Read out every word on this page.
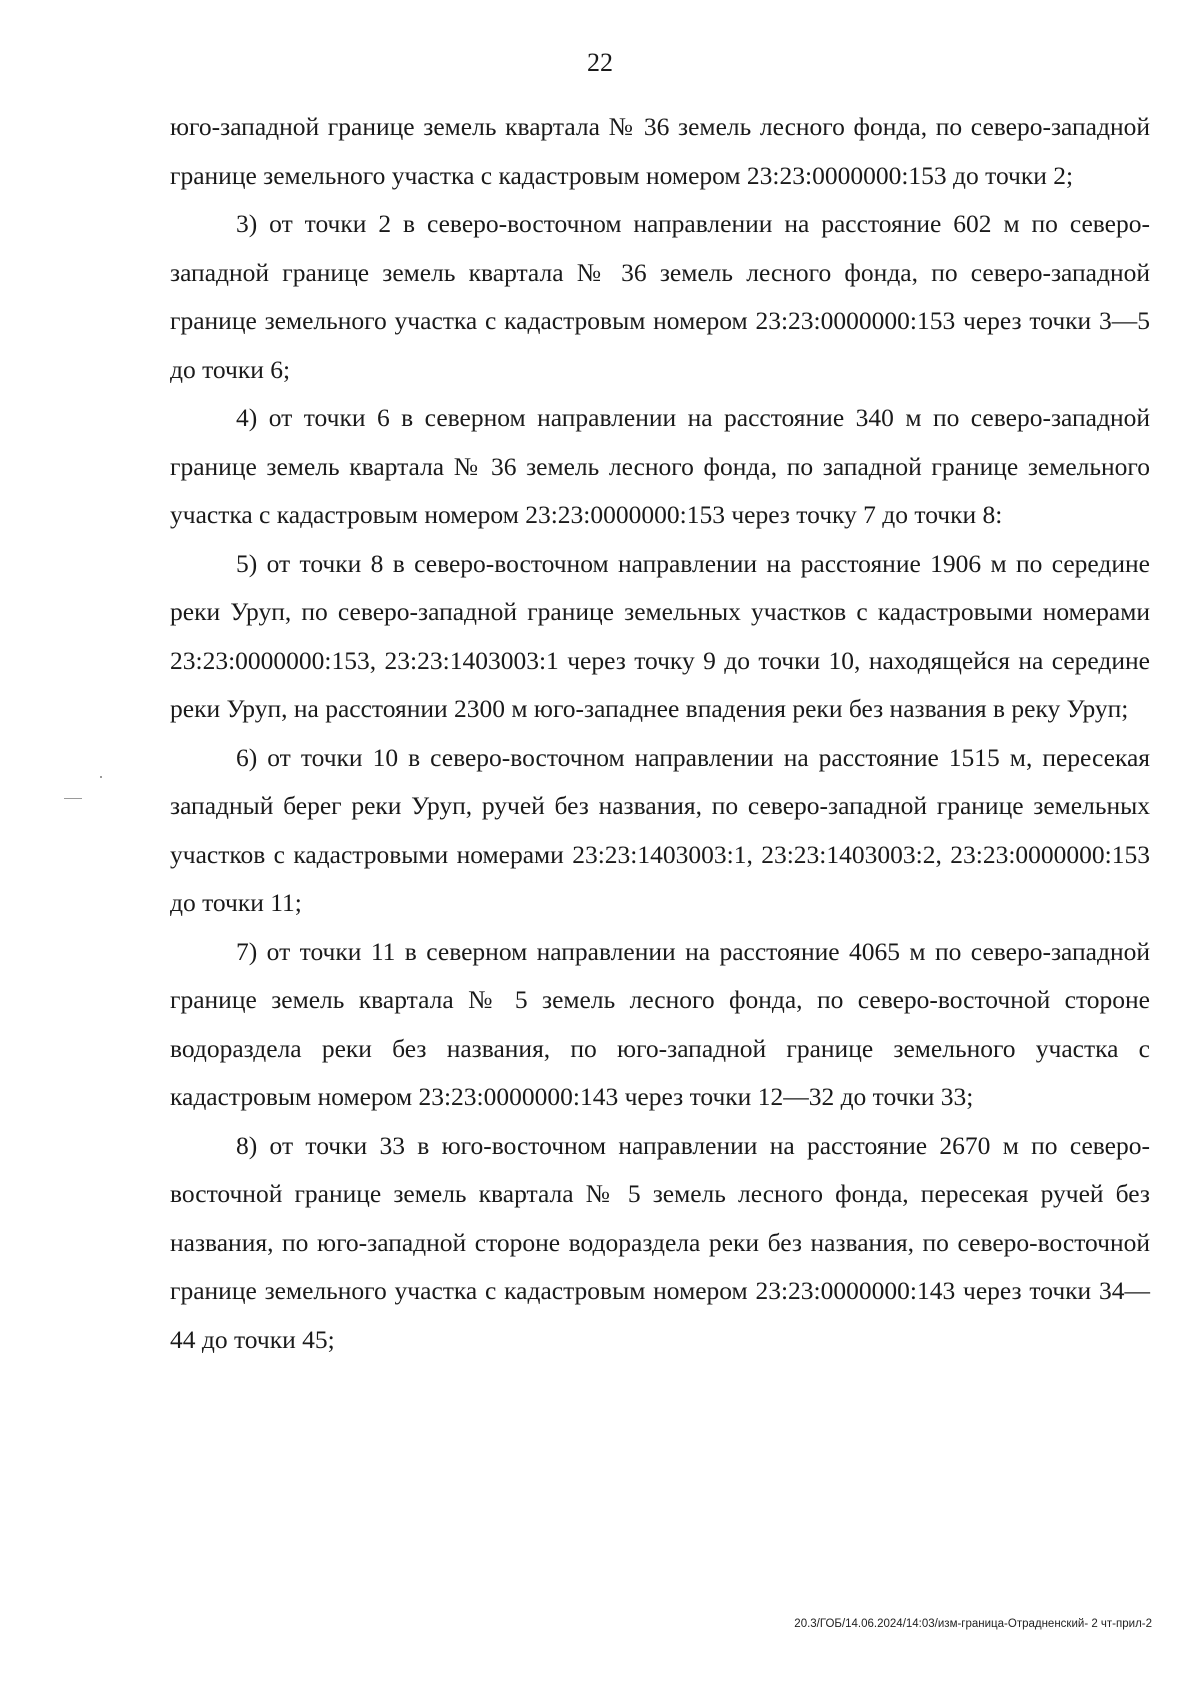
22

юго-западной границе земель квартала № 36 земель лесного фонда, по северо-западной границе земельного участка с кадастровым номером 23:23:0000000:153 до точки 2;

3) от точки 2 в северо-восточном направлении на расстояние 602 м по северо-западной границе земель квартала № 36 земель лесного фонда, по северо-западной границе земельного участка с кадастровым номером 23:23:0000000:153 через точки 3—5 до точки 6;

4) от точки 6 в северном направлении на расстояние 340 м по северо-западной границе земель квартала № 36 земель лесного фонда, по западной границе земельного участка с кадастровым номером 23:23:0000000:153 через точку 7 до точки 8:

5) от точки 8 в северо-восточном направлении на расстояние 1906 м по середине реки Уруп, по северо-западной границе земельных участков с кадастровыми номерами 23:23:0000000:153, 23:23:1403003:1 через точку 9 до точки 10, находящейся на середине реки Уруп, на расстоянии 2300 м юго-западнее впадения реки без названия в реку Уруп;

6) от точки 10 в северо-восточном направлении на расстояние 1515 м, пересекая западный берег реки Уруп, ручей без названия, по северо-западной границе земельных участков с кадастровыми номерами 23:23:1403003:1, 23:23:1403003:2, 23:23:0000000:153 до точки 11;

7) от точки 11 в северном направлении на расстояние 4065 м по северо-западной границе земель квартала № 5 земель лесного фонда, по северо-восточной стороне водораздела реки без названия, по юго-западной границе земельного участка с кадастровым номером 23:23:0000000:143 через точки 12—32 до точки 33;

8) от точки 33 в юго-восточном направлении на расстояние 2670 м по северо-восточной границе земель квартала № 5 земель лесного фонда, пересекая ручей без названия, по юго-западной стороне водораздела реки без названия, по северо-восточной границе земельного участка с кадастровым номером 23:23:0000000:143 через точки 34—44 до точки 45;

20.3/ГОБ/14.06.2024/14:03/изм-граница-Отрадненский- 2 чт-прил-2
